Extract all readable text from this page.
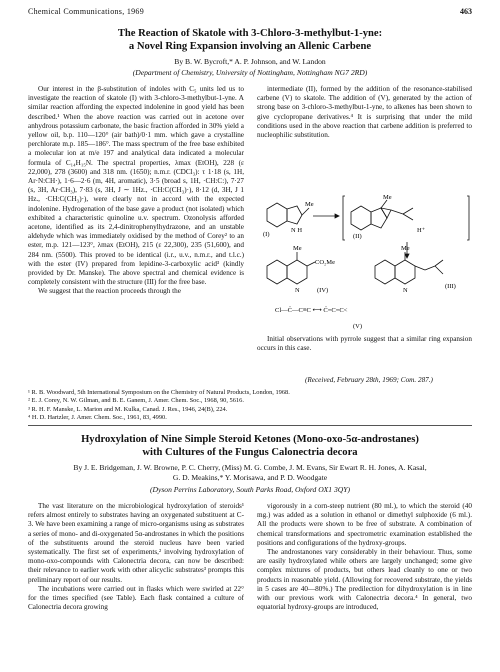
Chemical Communications, 1969	463
The Reaction of Skatole with 3-Chloro-3-methylbut-1-yne:
a Novel Ring Expansion involving an Allenic Carbene
By B. W. Bycroft,* A. P. Johnson, and W. Landon
(Department of Chemistry, University of Nottingham, Nottingham NG7 2RD)

Our interest in the β-substitution of indoles with C₅ units led us to investigate the reaction of skatole (I) with 3-chloro-3-methylbut-1-yne. A similar reaction affording the expected indolenine in good yield has been described.¹ When the above reaction was carried out in acetone over anhydrous potassium carbonate, the basic fraction afforded in 30% yield a yellow oil, b.p. 110—120° (air bath)/0·1 mm. which gave a crystalline perchlorate m.p. 185—186°. The mass spectrum of the free base exhibited a molecular ion at m/e 197 and analytical data indicated a molecular formula of C₁₄H₁₅N. The spectral properties, λmax (EtOH), 228 (ε 22,000), 278 (3600) and 318 nm. (1650); n.m.r. (CDCl₃): τ 1·18 (s, 1H, Ar·N:CH·), 1·6—2·6 (m, 4H, aromatic), 3·5 (broad s, 1H, ·CH:C:), 7·27 (s, 3H, Ar·CH₃), 7·83 (s, 3H, J ∼ 1Hz., ·CH:C(CH₃)·), 8·12 (d, 3H, J 1 Hz., ·CH:C(CH₃)·), were clearly not in accord with the expected indolenine. Hydrogenation of the base gave a product (not isolated) which exhibited a characteristic quinoline u.v. spectrum. Ozonolysis afforded acetone, identified as its 2,4-dinitrophenylhydrazone, and an unstable aldehyde which was immediately oxidised by the method of Corey² to an ester, m.p. 121—123°, λmax (EtOH), 215 (ε 22,300), 235 (51,600), and 284 nm. (5500). This proved to be identical (i.r., u.v., n.m.r., and t.l.c.) with the ester (IV) prepared from lepidine-3-carboxylic acid³ (kindly provided by Dr. Manske). The above spectral and chemical evidence is completely consistent with the structure (III) for the free base.

We suggest that the reaction proceeds through the

intermediate (II), formed by the addition of the resonance-stabilised carbene (V) to skatole. The addition of (V), generated by the action of strong base on 3-chloro-3-methylbut-1-yne, to alkenes has been shown to give cyclopropane derivatives.⁴ It is surprising that under the mild conditions used in the above reaction that carbene addition is preferred to nucleophilic substitution.

(I)
Me
N H
Me
H⁺
(II)
Me
CO₂Me
N	(IV)
Me
N
(III)
Cl—C̈—C≡C ⟷ C̈=C=C<
(V)
Initial observations with pyrrole suggest that a similar ring expansion occurs in this case.
(Received, February 28th, 1969; Com. 287.)
¹ R. B. Woodward, 5th International Symposium on the Chemistry of Natural Products, London, 1968.
² E. J. Corey, N. W. Gilman, and B. E. Ganem, J. Amer. Chem. Soc., 1968, 90, 5616.
³ R. H. F. Manske, L. Marion and M. Kulka, Canad. J. Res., 1946, 24(B), 224.
⁴ H. D. Hartzler, J. Amer. Chem. Soc., 1961, 83, 4990.
Hydroxylation of Nine Simple Steroid Ketones (Mono-oxo-5α-androstanes)
with Cultures of the Fungus Calonectria decora
By J. E. Bridgeman, J. W. Browne, P. C. Cherry, (Miss) M. G. Combe, J. M. Evans, Sir Ewart R. H. Jones, A. Kasal,
G. D. Meakins,* Y. Morisawa, and P. D. Woodgate
(Dyson Perrins Laboratory, South Parks Road, Oxford OX1 3QY)

The vast literature on the microbiological hydroxylation of steroids¹ refers almost entirely to substrates having an oxygenated substituent at C-3. We have been examining a range of micro-organisms using as substrates a series of mono- and di-oxygenated 5α-androstanes in which the positions of the substituents around the steroid nucleus have been varied systematically. The first set of experiments,² involving hydroxylation of mono-oxo-compounds with Calonectria decora, can now be described: their relevance to earlier work with other alicyclic substrates³ prompts this preliminary report of our results.

The incubations were carried out in flasks which were swirled at 22° for the times specified (see Table). Each flask contained a culture of Calonectria decora growing

vigorously in a corn-steep nutrient (80 ml.), to which the steroid (40 mg.) was added as a solution in ethanol or dimethyl sulphoxide (6 ml.). All the products were shown to be free of substrate. A combination of chemical transformations and spectrometric examination established the positions and configurations of the hydroxy-groups.

The androstanones vary considerably in their behaviour. Thus, some are easily hydroxylated while others are largely unchanged; some give complex mixtures of products, but others lead cleanly to one or two products in reasonable yield. (Allowing for recovered substrate, the yields in 5 cases are 40—80%.) The predilection for dihydroxylation is in line with our previous work with Calonectria decora.⁴ In general, two equatorial hydroxy-groups are introduced,
